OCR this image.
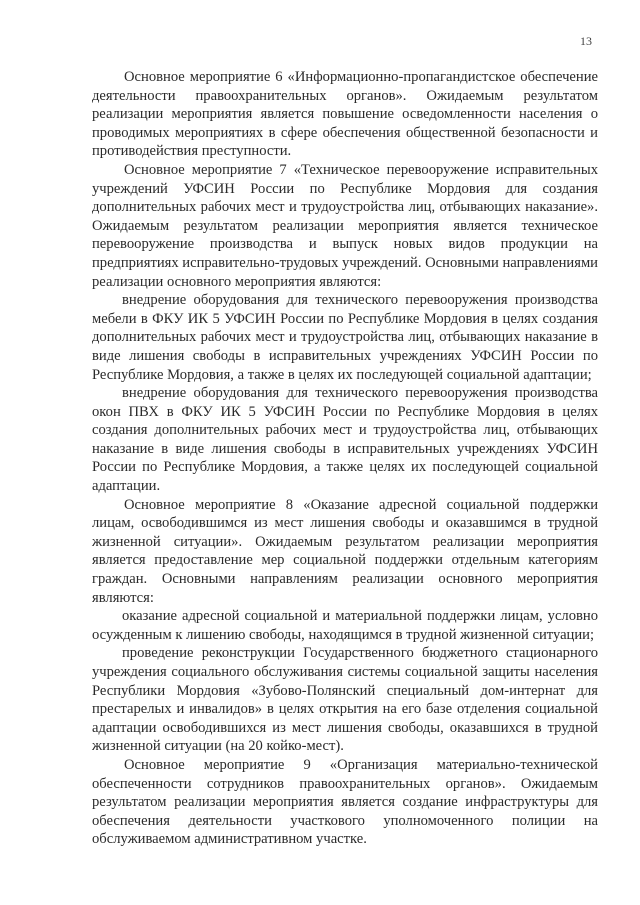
13

Основное мероприятие 6 «Информационно-пропагандистское обеспечение деятельности правоохранительных органов». Ожидаемым результатом реализации мероприятия является повышение осведомленности населения о проводимых мероприятиях в сфере обеспечения общественной безопасности и противодействия преступности.

Основное мероприятие 7 «Техническое перевооружение исправительных учреждений УФСИН России по Республике Мордовия для создания дополнительных рабочих мест и трудоустройства лиц, отбывающих наказание». Ожидаемым результатом реализации мероприятия является техническое перевооружение производства и выпуск новых видов продукции на предприятиях исправительно-трудовых учреждений. Основными направлениями реализации основного мероприятия являются:

внедрение оборудования для технического перевооружения производства мебели в ФКУ ИК 5 УФСИН России по Республике Мордовия в целях создания дополнительных рабочих мест и трудоустройства лиц, отбывающих наказание в виде лишения свободы в исправительных учреждениях УФСИН России по Республике Мордовия, а также в целях их последующей социальной адаптации;

внедрение оборудования для технического перевооружения производства окон ПВХ в ФКУ ИК 5 УФСИН России по Республике Мордовия в целях создания дополнительных рабочих мест и трудоустройства лиц, отбывающих наказание в виде лишения свободы в исправительных учреждениях УФСИН России по Республике Мордовия, а также целях их последующей социальной адаптации.

Основное мероприятие 8 «Оказание адресной социальной поддержки лицам, освободившимся из мест лишения свободы и оказавшимся в трудной жизненной ситуации». Ожидаемым результатом реализации мероприятия является предоставление мер социальной поддержки отдельным категориям граждан. Основными направлениям реализации основного мероприятия являются:

оказание адресной социальной и материальной поддержки лицам, условно осужденным к лишению свободы, находящимся в трудной жизненной ситуации;

проведение реконструкции Государственного бюджетного стационарного учреждения социального обслуживания системы социальной защиты населения Республики Мордовия «Зубово-Полянский специальный дом-интернат для престарелых и инвалидов» в целях открытия на его базе отделения социальной адаптации освободившихся из мест лишения свободы, оказавшихся в трудной жизненной ситуации (на 20 койко-мест).

Основное мероприятие 9 «Организация материально-технической обеспеченности сотрудников правоохранительных органов». Ожидаемым результатом реализации мероприятия является создание инфраструктуры для обеспечения деятельности участкового уполномоченного полиции на обслуживаемом административном участке.
